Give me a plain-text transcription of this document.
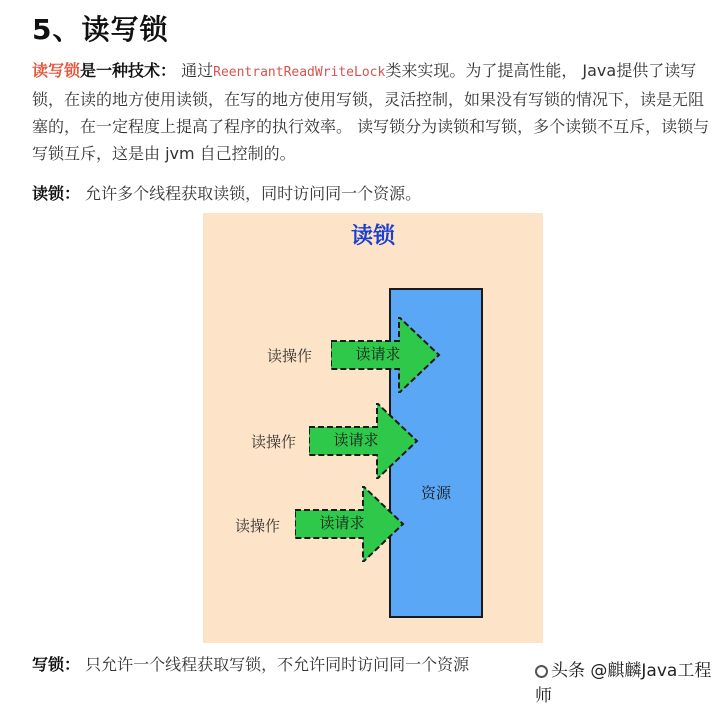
5、读写锁
读写锁是一种技术： 通过ReentrantReadWriteLock类来实现。为了提高性能， Java提供了读写锁，在读的地方使用读锁，在写的地方使用写锁，灵活控制，如果没有写锁的情况下，读是无阻塞的，在一定程度上提高了程序的执行效率。 读写锁分为读锁和写锁，多个读锁不互斥，读锁与写锁互斥，这是由 jvm 自己控制的。
读锁： 允许多个线程获取读锁，同时访问同一个资源。
读锁
资源
读操作	读请求
读操作	读请求
读操作	读请求
写锁： 只允许一个线程获取写锁，不允许同时访问同一个资源	头条 @麒麟Java工程师
